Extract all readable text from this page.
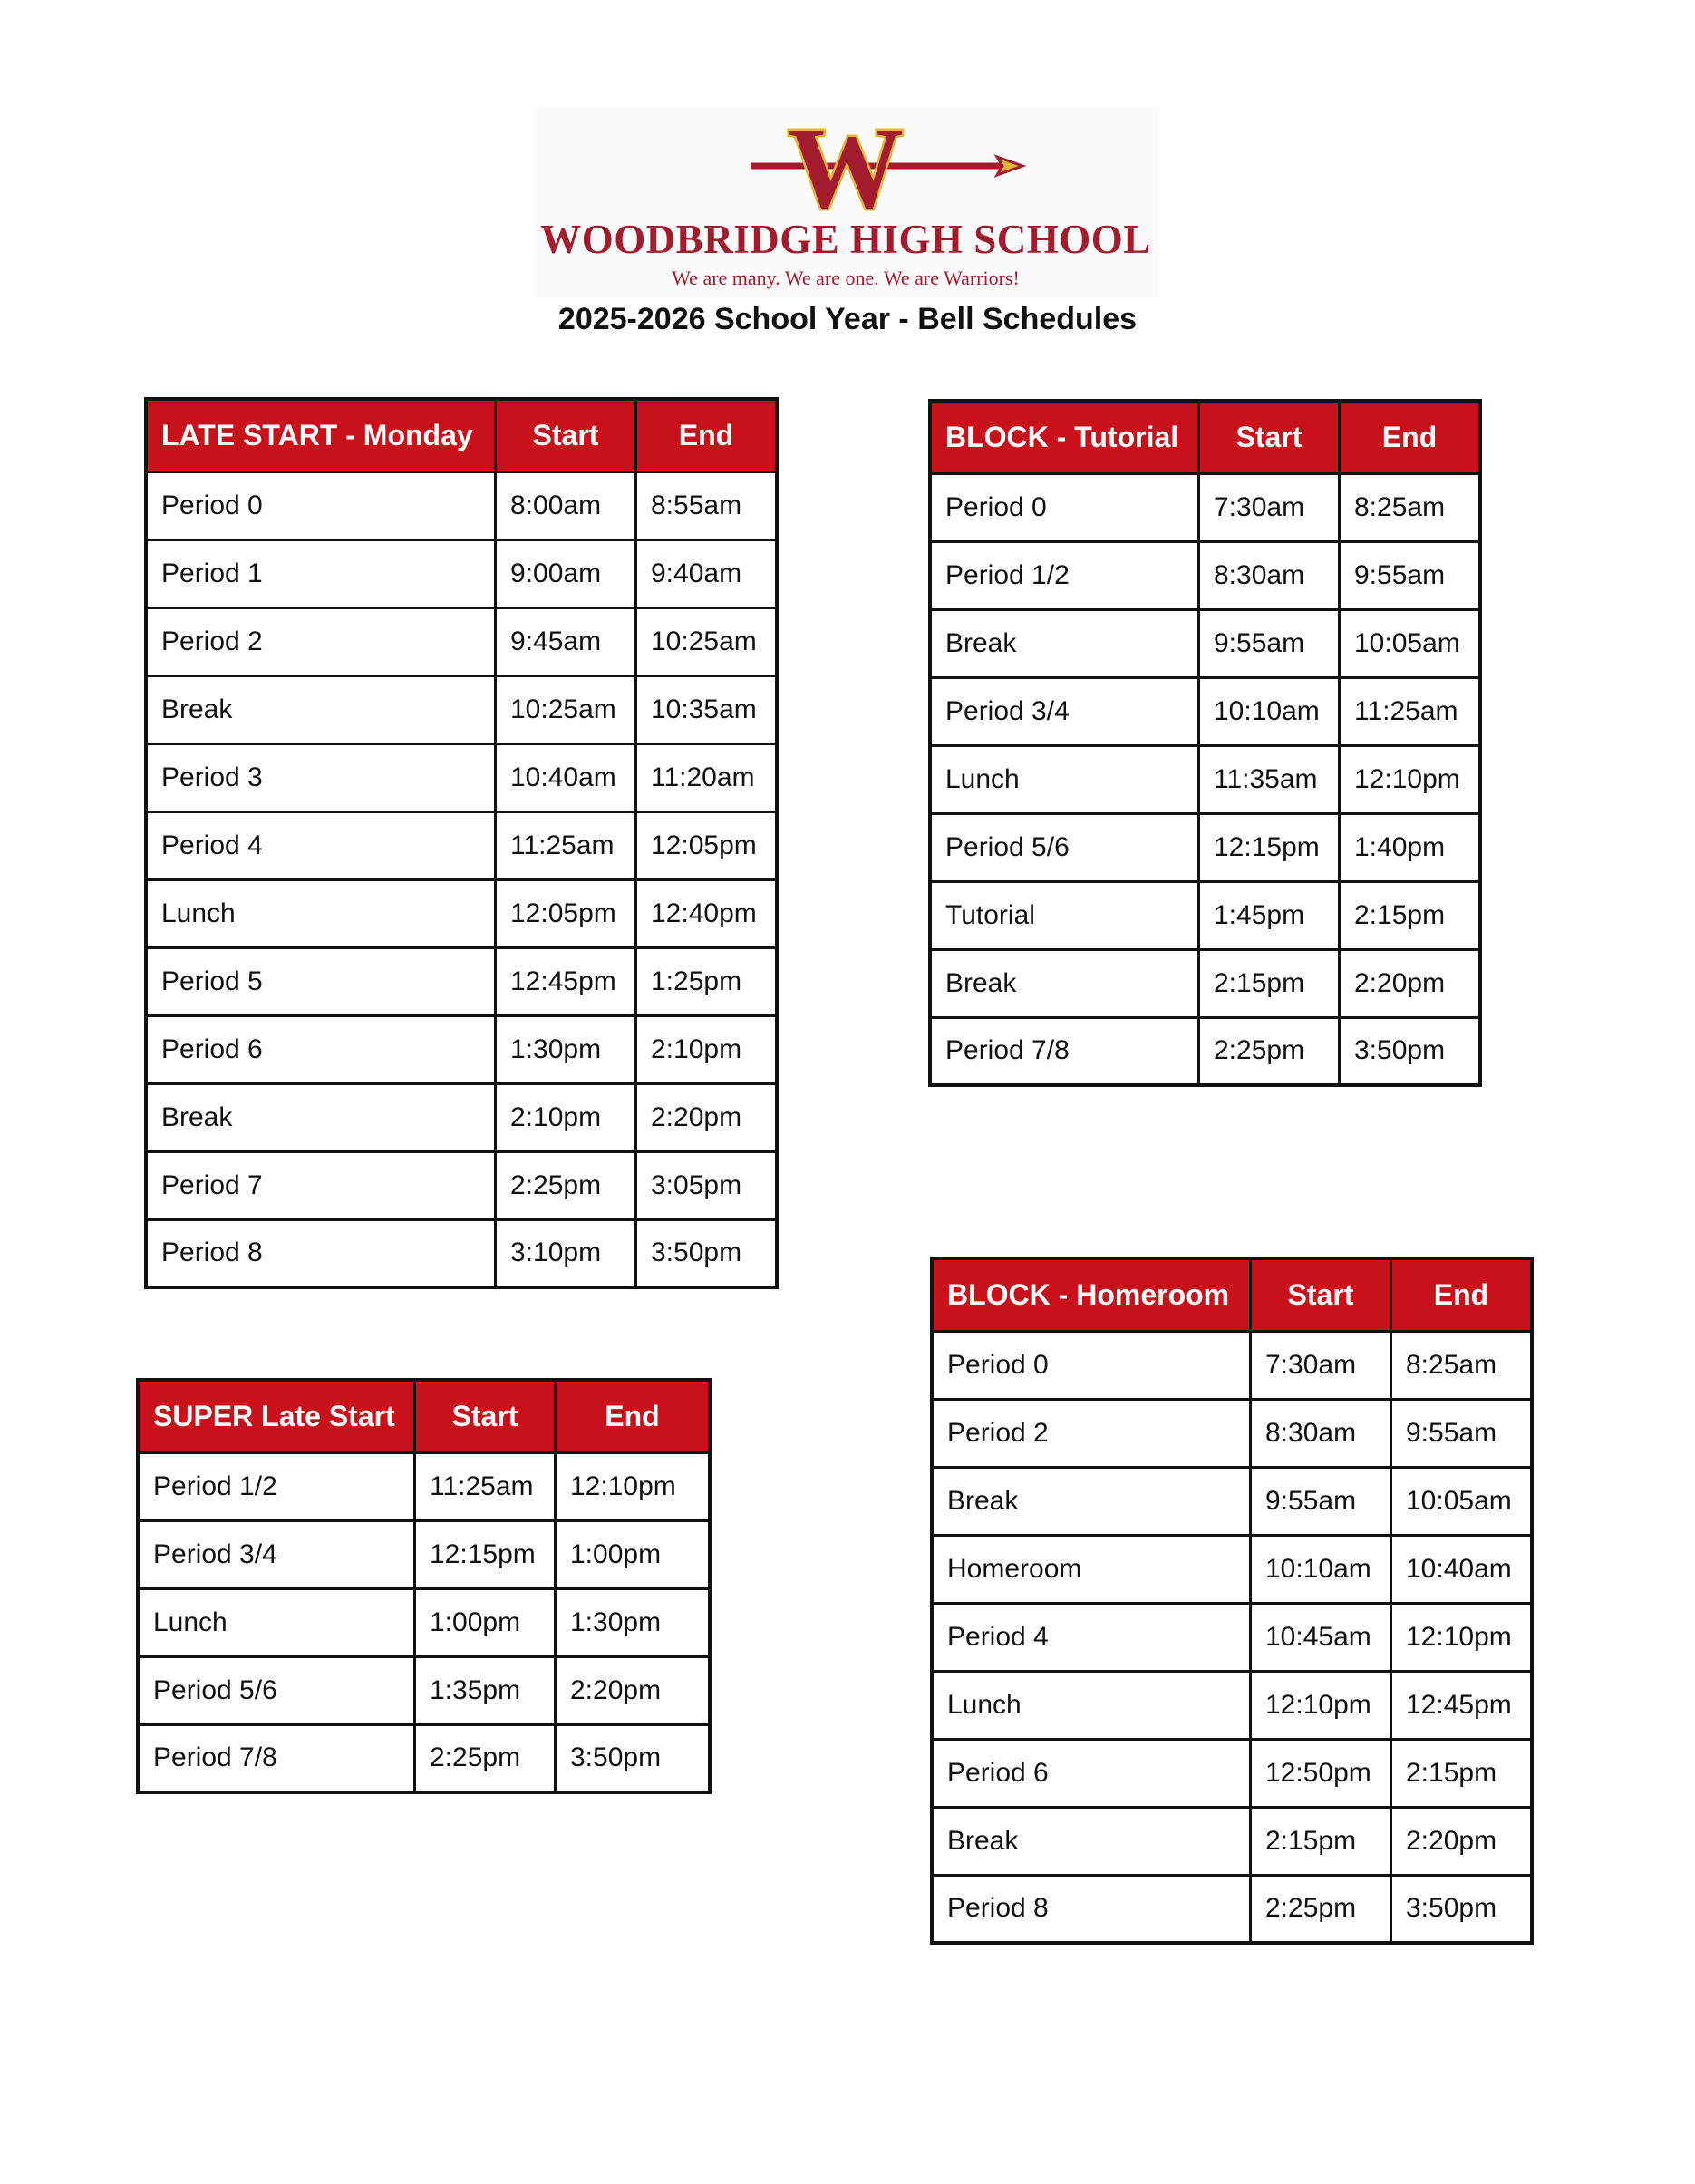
W
WOODBRIDGE HIGH SCHOOL
We are many. We are one. We are Warriors!
2025-2026 School Year - Bell Schedules
LATE START - Monday	Start	End
Period 0	8:00am	8:55am
Period 1	9:00am	9:40am
Period 2	9:45am	10:25am
Break	10:25am	10:35am
Period 3	10:40am	11:20am
Period 4	11:25am	12:05pm
Lunch	12:05pm	12:40pm
Period 5	12:45pm	1:25pm
Period 6	1:30pm	2:10pm
Break	2:10pm	2:20pm
Period 7	2:25pm	3:05pm
Period 8	3:10pm	3:50pm
BLOCK - Tutorial	Start	End
Period 0	7:30am	8:25am
Period 1/2	8:30am	9:55am
Break	9:55am	10:05am
Period 3/4	10:10am	11:25am
Lunch	11:35am	12:10pm
Period 5/6	12:15pm	1:40pm
Tutorial	1:45pm	2:15pm
Break	2:15pm	2:20pm
Period 7/8	2:25pm	3:50pm
SUPER Late Start	Start	End
Period 1/2	11:25am	12:10pm
Period 3/4	12:15pm	1:00pm
Lunch	1:00pm	1:30pm
Period 5/6	1:35pm	2:20pm
Period 7/8	2:25pm	3:50pm
BLOCK - Homeroom	Start	End
Period 0	7:30am	8:25am
Period 2	8:30am	9:55am
Break	9:55am	10:05am
Homeroom	10:10am	10:40am
Period 4	10:45am	12:10pm
Lunch	12:10pm	12:45pm
Period 6	12:50pm	2:15pm
Break	2:15pm	2:20pm
Period 8	2:25pm	3:50pm
